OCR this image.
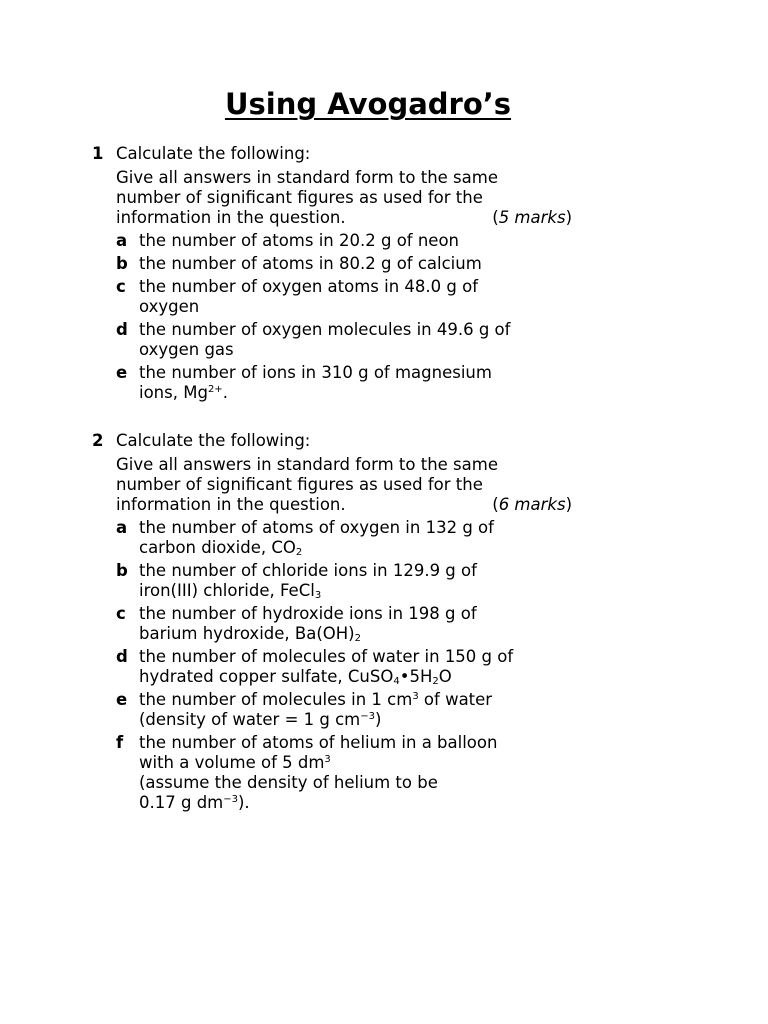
Using Avogadro’s
1 Calculate the following:
Give all answers in standard form to the same
number of significant figures as used for the
information in the question.	(5 marks)
a the number of atoms in 20.2 g of neon
b the number of atoms in 80.2 g of calcium
c the number of oxygen atoms in 48.0 g of
oxygen
d the number of oxygen molecules in 49.6 g of
oxygen gas
e the number of ions in 310 g of magnesium
ions, $Mg^{2+}$.
2 Calculate the following:
Give all answers in standard form to the same
number of significant figures as used for the
information in the question.	(6 marks)
a the number of atoms of oxygen in 132 g of
carbon dioxide, $CO_2$
b the number of chloride ions in 129.9 g of
iron(III) chloride, FeCl$_3$
c the number of hydroxide ions in 198 g of
barium hydroxide, $Ba(OH)_2$
d the number of molecules of water in 150 g of
hydrated copper sulfate, $CuSO_4•5H_2O$
e the number of molecules in 1 $cm^3$ of water
(density of water = 1 g $cm^{-3}$)
f the number of atoms of helium in a balloon
with a volume of 5 $dm^3$
(assume the density of helium to be
0.17 g $dm^{-3}$).
